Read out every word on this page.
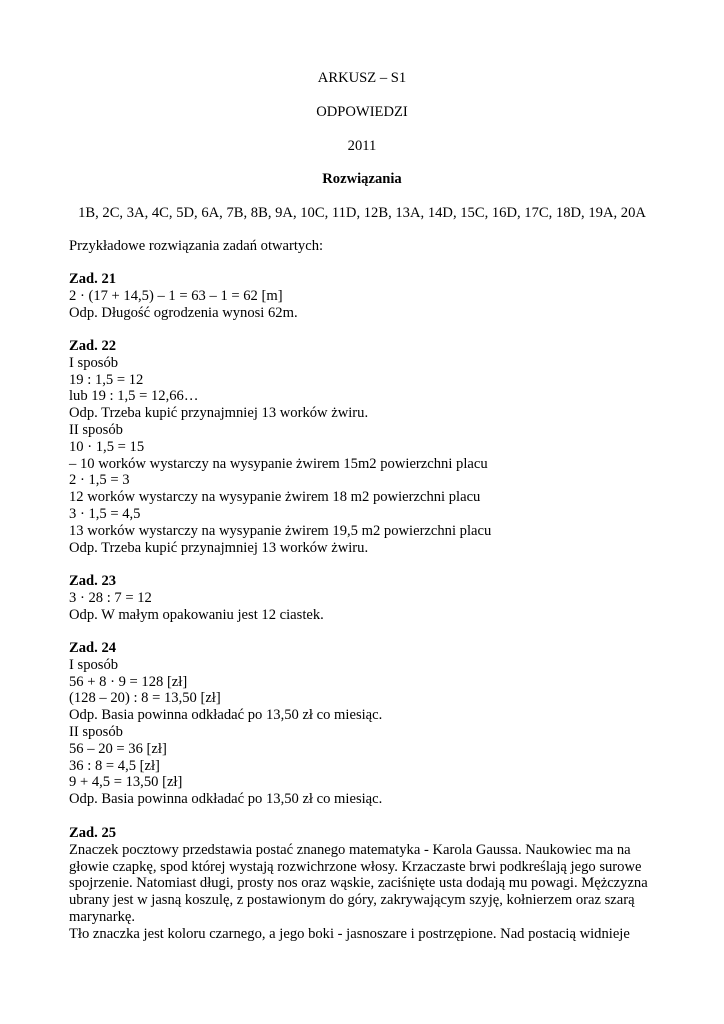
ARKUSZ – S1
ODPOWIEDZI
2011
Rozwiązania
1B, 2C, 3A, 4C, 5D, 6A, 7B, 8B, 9A, 10C, 11D, 12B, 13A, 14D, 15C, 16D, 17C, 18D, 19A, 20A
Przykładowe rozwiązania zadań otwartych:
Zad. 21
2 · (17 + 14,5) – 1 = 63 – 1 = 62 [m]
Odp. Długość ogrodzenia wynosi 62m.
Zad. 22
I sposób
19 : 1,5 = 12
lub 19 : 1,5 = 12,66…
Odp. Trzeba kupić przynajmniej 13 worków żwiru.
II sposób
10 · 1,5 = 15
– 10 worków wystarczy na wysypanie żwirem 15m2 powierzchni placu
2 · 1,5 = 3
12 worków wystarczy na wysypanie żwirem 18 m2 powierzchni placu
3 · 1,5 = 4,5
13 worków wystarczy na wysypanie żwirem 19,5 m2 powierzchni placu
Odp. Trzeba kupić przynajmniej 13 worków żwiru.
Zad. 23
3 · 28 : 7 = 12
Odp. W małym opakowaniu jest 12 ciastek.
Zad. 24
I sposób
56 + 8 · 9 = 128 [zł]
(128 – 20) : 8 = 13,50 [zł]
Odp. Basia powinna odkładać po 13,50 zł co miesiąc.
II sposób
56 – 20 = 36 [zł]
36 : 8 = 4,5 [zł]
9 + 4,5 = 13,50 [zł]
Odp. Basia powinna odkładać po 13,50 zł co miesiąc.
Zad. 25
Znaczek pocztowy przedstawia postać znanego matematyka - Karola Gaussa. Naukowiec ma na głowie czapkę, spod której wystają rozwichrzone włosy. Krzaczaste brwi podkreślają jego surowe spojrzenie. Natomiast długi, prosty nos oraz wąskie, zaciśnięte usta dodają mu powagi. Mężczyzna ubrany jest w jasną koszulę, z postawionym do góry, zakrywającym szyję, kołnierzem oraz szarą marynarkę.
Tło znaczka jest koloru czarnego, a jego boki - jasnoszare i postrzępione. Nad postacią widnieje
